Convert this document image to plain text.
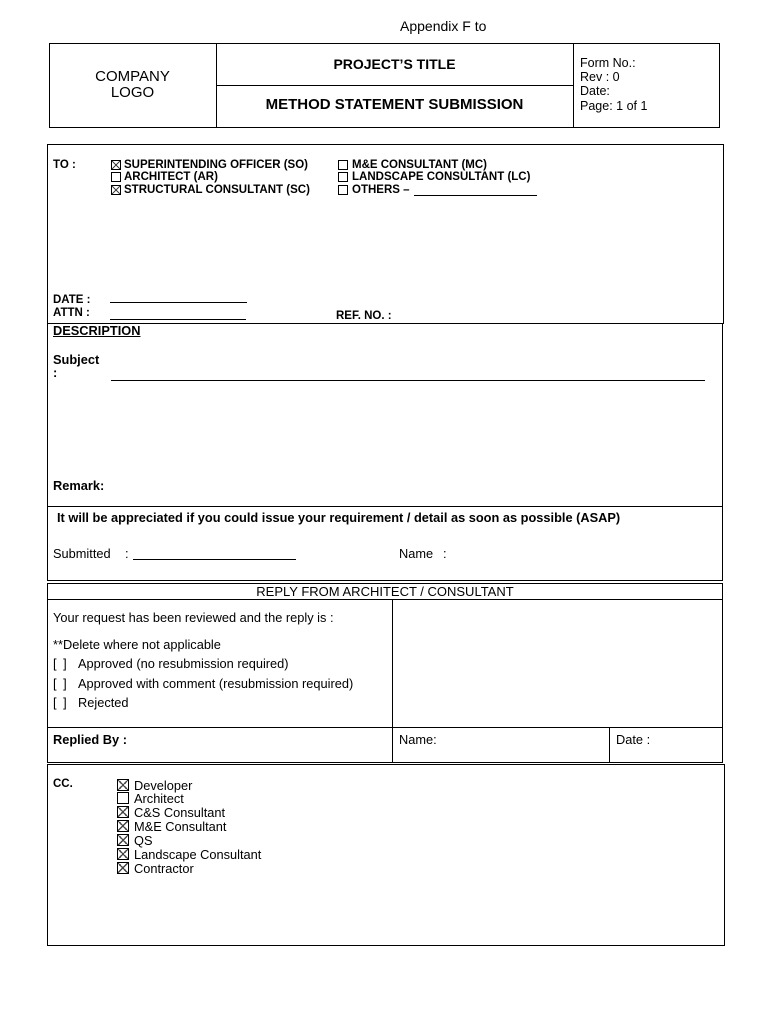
Appendix F to
COMPANY
LOGO
PROJECT’S TITLE
METHOD STATEMENT SUBMISSION
Form No.:
Rev : 0
Date:
Page: 1 of 1
TO :	SUPERINTENDING OFFICER (SO)
ARCHITECT (AR)
STRUCTURAL CONSULTANT (SC)
M&E CONSULTANT (MC)
LANDSCAPE CONSULTANT (LC)
OTHERS –
DATE :
ATTN :	REF. NO. :
DESCRIPTION
Subject
:
Remark:
It will be appreciated if you could issue your requirement / detail as soon as possible (ASAP)
Submitted :	Name :
REPLY FROM ARCHITECT / CONSULTANT
Your request has been reviewed and the reply is :
**Delete where not applicable
[ ] Approved (no resubmission required)
[ ] Approved with comment (resubmission required)
[ ] Rejected
Replied By :	Name:	Date :
CC.	Developer
Architect
C&S Consultant
M&E Consultant
QS
Landscape Consultant
Contractor
